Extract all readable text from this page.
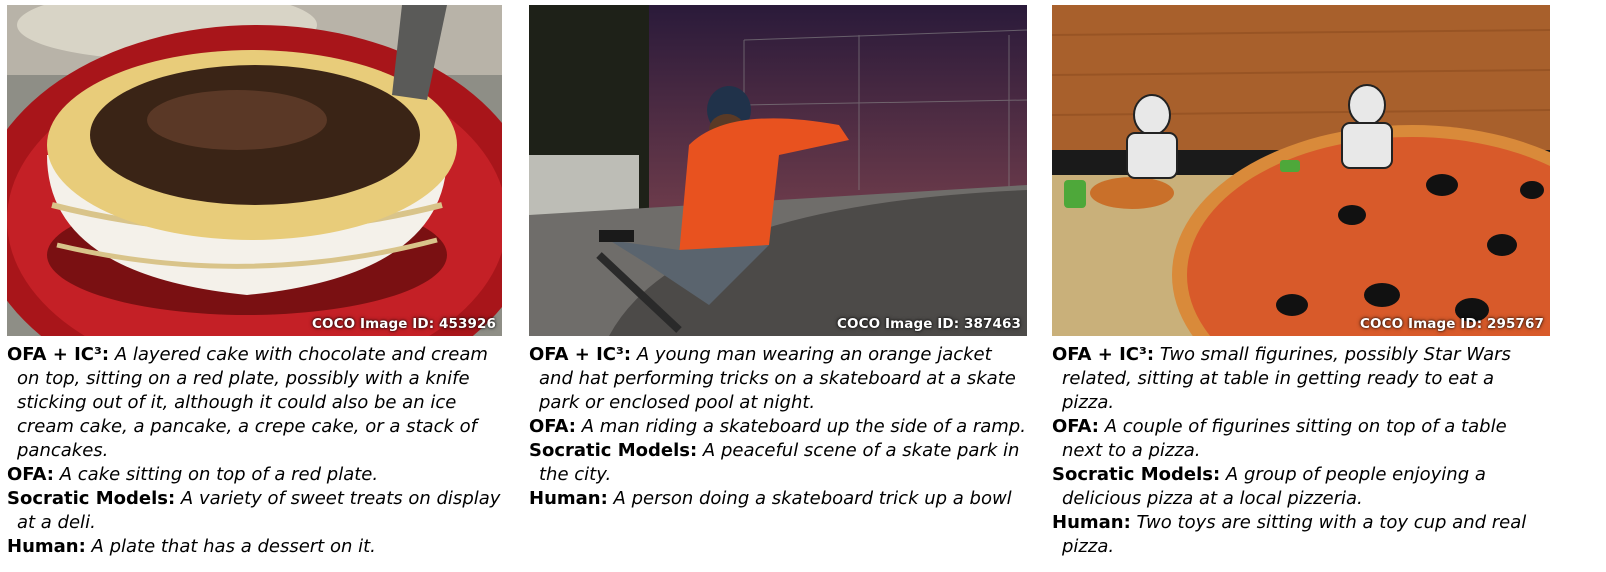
COCO Image ID: 453926

OFA + IC³: A layered cake with chocolate and cream on top, sitting on a red plate, possibly with a knife sticking out of it, although it could also be an ice cream cake, a pancake, a crepe cake, or a stack of pancakes.

OFA: A cake sitting on top of a red plate.

Socratic Models: A variety of sweet treats on display at a deli.

Human: A plate that has a dessert on it.

COCO Image ID: 387463

OFA + IC³: A young man wearing an orange jacket and hat performing tricks on a skateboard at a skate park or enclosed pool at night.

OFA: A man riding a skateboard up the side of a ramp.

Socratic Models: A peaceful scene of a skate park in the city.

Human: A person doing a skateboard trick up a bowl

COCO Image ID: 295767

OFA + IC³: Two small figurines, possibly Star Wars related, sitting at table in getting ready to eat a pizza.

OFA: A couple of figurines sitting on top of a table next to a pizza.

Socratic Models: A group of people enjoying a delicious pizza at a local pizzeria.

Human: Two toys are sitting with a toy cup and real pizza.
